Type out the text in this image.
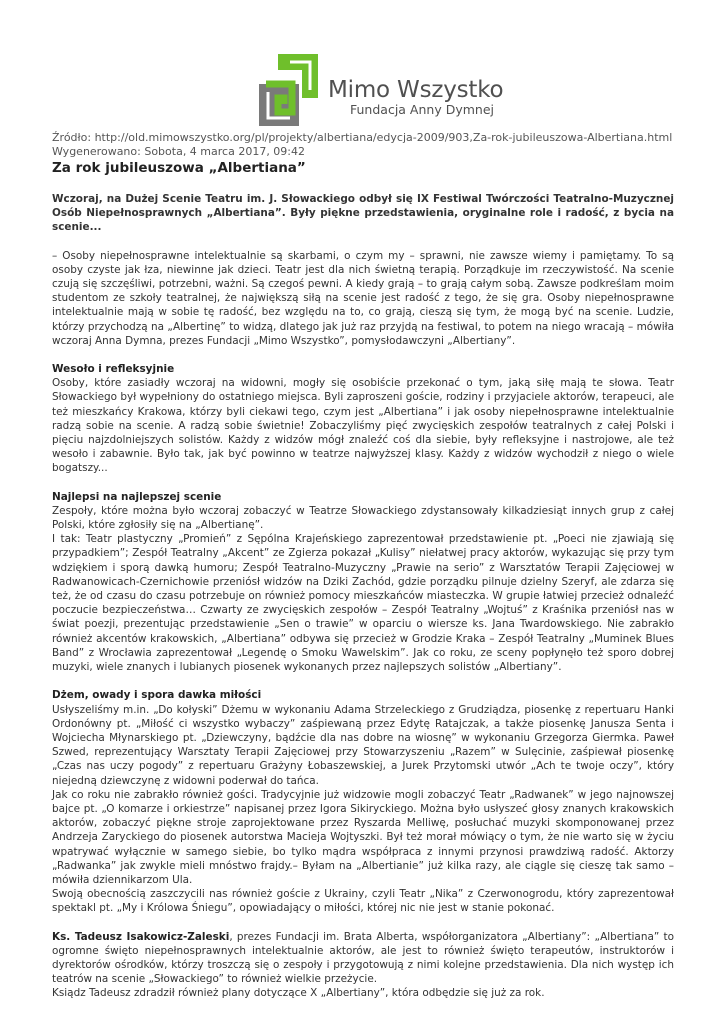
Mimo Wszystko
Fundacja Anny Dymnej
Źródło: http://old.mimowszystko.org/pl/projekty/albertiana/edycja-2009/903,Za-rok-jubileuszowa-Albertiana.html
Wygenerowano: Sobota, 4 marca 2017, 09:42
Za rok jubileuszowa „Albertiana”

Wczoraj, na Dużej Scenie Teatru im. J. Słowackiego odbył się IX Festiwal Twórczości Teatralno-Muzycznej Osób Niepełnosprawnych „Albertiana”. Były piękne przedstawienia, oryginalne role i radość, z bycia na scenie...

– Osoby niepełnosprawne intelektualnie są skarbami, o czym my – sprawni, nie zawsze wiemy i pamiętamy. To są osoby czyste jak łza, niewinne jak dzieci. Teatr jest dla nich świetną terapią. Porządkuje im rzeczywistość. Na scenie czują się szczęśliwi, potrzebni, ważni. Są czegoś pewni. A kiedy grają – to grają całym sobą. Zawsze podkreślam moim studentom ze szkoły teatralnej, że największą siłą na scenie jest radość z tego, że się gra. Osoby niepełnosprawne intelektualnie mają w sobie tę radość, bez względu na to, co grają, cieszą się tym, że mogą być na scenie. Ludzie, którzy przychodzą na „Albertinę” to widzą, dlatego jak już raz przyjdą na festiwal, to potem na niego wracają – mówiła wczoraj Anna Dymna, prezes Fundacji „Mimo Wszystko”, pomysłodawczyni „Albertiany”.

Wesoło i refleksyjnie

Osoby, które zasiadły wczoraj na widowni, mogły się osobiście przekonać o tym, jaką siłę mają te słowa. Teatr Słowackiego był wypełniony do ostatniego miejsca. Byli zaproszeni goście, rodziny i przyjaciele aktorów, terapeuci, ale też mieszkańcy Krakowa, którzy byli ciekawi tego, czym jest „Albertiana” i jak osoby niepełnosprawne intelektualnie radzą sobie na scenie. A radzą sobie świetnie! Zobaczyliśmy pięć zwycięskich zespołów teatralnych z całej Polski i pięciu najzdolniejszych solistów. Każdy z widzów mógł znaleźć coś dla siebie, były refleksyjne i nastrojowe, ale też wesoło i zabawnie. Było tak, jak być powinno w teatrze najwyższej klasy. Każdy z widzów wychodził z niego o wiele bogatszy...

Najlepsi na najlepszej scenie

Zespoły, które można było wczoraj zobaczyć w Teatrze Słowackiego zdystansowały kilkadziesiąt innych grup z całej Polski, które zgłosiły się na „Albertianę”.

I tak: Teatr plastyczny „Promień” z Sępólna Krajeńskiego zaprezentował przedstawienie pt. „Poeci nie zjawiają się przypadkiem”; Zespół Teatralny „Akcent” ze Zgierza pokazał „Kulisy” niełatwej pracy aktorów, wykazując się przy tym wdziękiem i sporą dawką humoru; Zespół Teatralno-Muzyczny „Prawie na serio” z Warsztatów Terapii Zajęciowej w Radwanowicach-Czernichowie przeniósł widzów na Dziki Zachód, gdzie porządku pilnuje dzielny Szeryf, ale zdarza się też, że od czasu do czasu potrzebuje on również pomocy mieszkańców miasteczka. W grupie łatwiej przecież odnaleźć poczucie bezpieczeństwa… Czwarty ze zwycięskich zespołów – Zespół Teatralny „Wojtuś” z Kraśnika przeniósł nas w świat poezji, prezentując przedstawienie „Sen o trawie” w oparciu o wiersze ks. Jana Twardowskiego. Nie zabrakło również akcentów krakowskich, „Albertiana” odbywa się przecież w Grodzie Kraka – Zespół Teatralny „Muminek Blues Band” z Wrocławia zaprezentował „Legendę o Smoku Wawelskim”. Jak co roku, ze sceny popłynęło też sporo dobrej muzyki, wiele znanych i lubianych piosenek wykonanych przez najlepszych solistów „Albertiany”.

Dżem, owady i spora dawka miłości

Usłyszeliśmy m.in. „Do kołyski” Dżemu w wykonaniu Adama Strzeleckiego z Grudziądza, piosenkę z repertuaru Hanki Ordonówny pt. „Miłość ci wszystko wybaczy” zaśpiewaną przez Edytę Ratajczak, a także piosenkę Janusza Senta i Wojciecha Młynarskiego pt. „Dziewczyny, bądźcie dla nas dobre na wiosnę” w wykonaniu Grzegorza Giermka. Paweł Szwed, reprezentujący Warsztaty Terapii Zajęciowej przy Stowarzyszeniu „Razem” w Sulęcinie, zaśpiewał piosenkę „Czas nas uczy pogody” z repertuaru Grażyny Łobaszewskiej, a Jurek Przytomski utwór „Ach te twoje oczy”, który niejedną dziewczynę z widowni poderwał do tańca.

Jak co roku nie zabrakło również gości. Tradycyjnie już widzowie mogli zobaczyć Teatr „Radwanek” w jego najnowszej bajce pt. „O komarze i orkiestrze” napisanej przez Igora Sikiryckiego. Można było usłyszeć głosy znanych krakowskich aktorów, zobaczyć piękne stroje zaprojektowane przez Ryszarda Melliwę, posłuchać muzyki skomponowanej przez Andrzeja Zaryckiego do piosenek autorstwa Macieja Wojtyszki. Był też morał mówiący o tym, że nie warto się w życiu wpatrywać wyłącznie w samego siebie, bo tylko mądra współpraca z innymi przynosi prawdziwą radość. Aktorzy „Radwanka” jak zwykle mieli mnóstwo frajdy.– Byłam na „Albertianie” już kilka razy, ale ciągle się cieszę tak samo – mówiła dziennikarzom Ula.

Swoją obecnością zaszczycili nas również goście z Ukrainy, czyli Teatr „Nika” z Czerwonogrodu, który zaprezentował spektakl pt. „My i Królowa Śniegu”, opowiadający o miłości, której nic nie jest w stanie pokonać.

Ks. Tadeusz Isakowicz-Zaleski, prezes Fundacji im. Brata Alberta, współorganizatora „Albertiany”: „Albertiana” to ogromne święto niepełnosprawnych intelektualnie aktorów, ale jest to również święto terapeutów, instruktorów i dyrektorów ośrodków, którzy troszczą się o zespoły i przygotowują z nimi kolejne przedstawienia. Dla nich występ ich teatrów na scenie „Słowackiego” to również wielkie przeżycie.

Ksiądz Tadeusz zdradził również plany dotyczące X „Albertiany”, która odbędzie się już za rok.
